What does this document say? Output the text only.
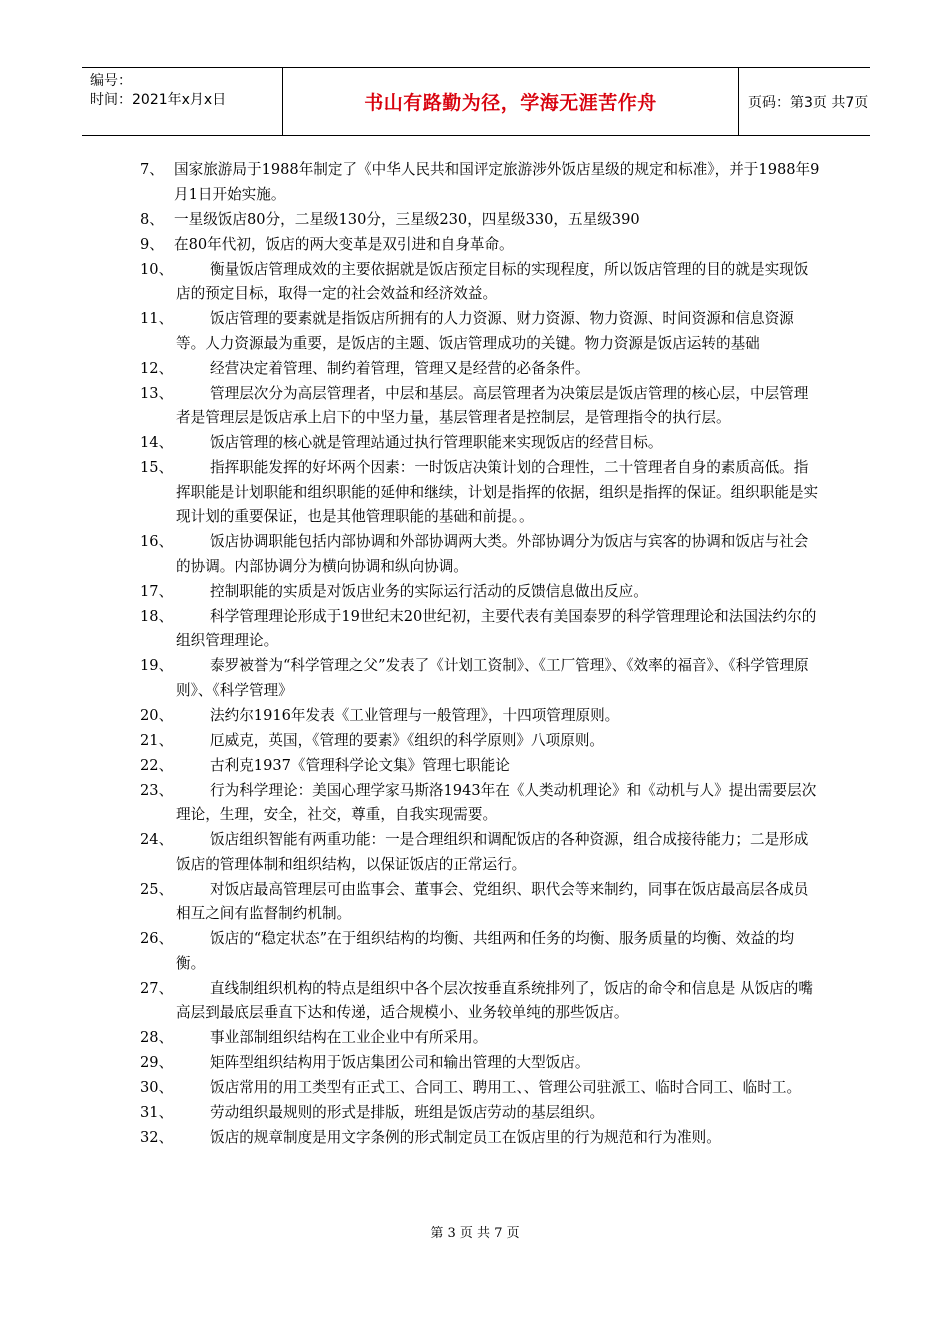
编号：
时间：2021年x月x日	书山有路勤为径，学海无涯苦作舟	页码：第3页 共7页
7、 国家旅游局于1988年制定了《中华人民共和国评定旅游涉外饭店星级的规定和标准》，并于1988年9月1日开始实施。
8、 一星级饭店80分，二星级130分，三星级230，四星级330，五星级390
9、 在80年代初，饭店的两大变革是双引进和自身革命。
10、	衡量饭店管理成效的主要依据就是饭店预定目标的实现程度，所以饭店管理的目的就是实现饭店的预定目标，取得一定的社会效益和经济效益。
11、	饭店管理的要素就是指饭店所拥有的人力资源、财力资源、物力资源、时间资源和信息资源等。人力资源最为重要，是饭店的主题、饭店管理成功的关键。物力资源是饭店运转的基础
12、	经营决定着管理、制约着管理，管理又是经营的必备条件。
13、	管理层次分为高层管理者，中层和基层。高层管理者为决策层是饭店管理的核心层，中层管理者是管理层是饭店承上启下的中坚力量，基层管理者是控制层，是管理指令的执行层。
14、	饭店管理的核心就是管理站通过执行管理职能来实现饭店的经营目标。
15、	指挥职能发挥的好坏两个因素：一时饭店决策计划的合理性，二十管理者自身的素质高低。指挥职能是计划职能和组织职能的延伸和继续，计划是指挥的依据，组织是指挥的保证。组织职能是实现计划的重要保证，也是其他管理职能的基础和前提。。
16、	饭店协调职能包括内部协调和外部协调两大类。外部协调分为饭店与宾客的协调和饭店与社会的协调。内部协调分为横向协调和纵向协调。
17、	控制职能的实质是对饭店业务的实际运行活动的反馈信息做出反应。
18、	科学管理理论形成于19世纪末20世纪初，主要代表有美国泰罗的科学管理理论和法国法约尔的组织管理理论。
19、	泰罗被誉为“科学管理之父”发表了《计划工资制》、《工厂管理》、《效率的福音》、《科学管理原则》、《科学管理》
20、	法约尔1916年发表《工业管理与一般管理》，十四项管理原则。
21、	厄威克，英国，《管理的要素》《组织的科学原则》八项原则。
22、	古利克1937《管理科学论文集》管理七职能论
23、	行为科学理论：美国心理学家马斯洛1943年在《人类动机理论》和《动机与人》提出需要层次理论，生理，安全，社交，尊重，自我实现需要。
24、	饭店组织智能有两重功能：一是合理组织和调配饭店的各种资源，组合成接待能力；二是形成饭店的管理体制和组织结构，以保证饭店的正常运行。
25、	对饭店最高管理层可由监事会、董事会、党组织、职代会等来制约，同事在饭店最高层各成员相互之间有监督制约机制。
26、	饭店的“稳定状态”在于组织结构的均衡、共组两和任务的均衡、服务质量的均衡、效益的均衡。
27、	直线制组织机构的特点是组织中各个层次按垂直系统排列了，饭店的命令和信息是 从饭店的嘴高层到最底层垂直下达和传递，适合规模小、业务较单纯的那些饭店。
28、	事业部制组织结构在工业企业中有所采用。
29、	矩阵型组织结构用于饭店集团公司和输出管理的大型饭店。
30、	饭店常用的用工类型有正式工、合同工、聘用工、、管理公司驻派工、临时合同工、临时工。
31、	劳动组织最规则的形式是排版，班组是饭店劳动的基层组织。
32、	饭店的规章制度是用文字条例的形式制定员工在饭店里的行为规范和行为准则。
第 3 页 共 7 页
